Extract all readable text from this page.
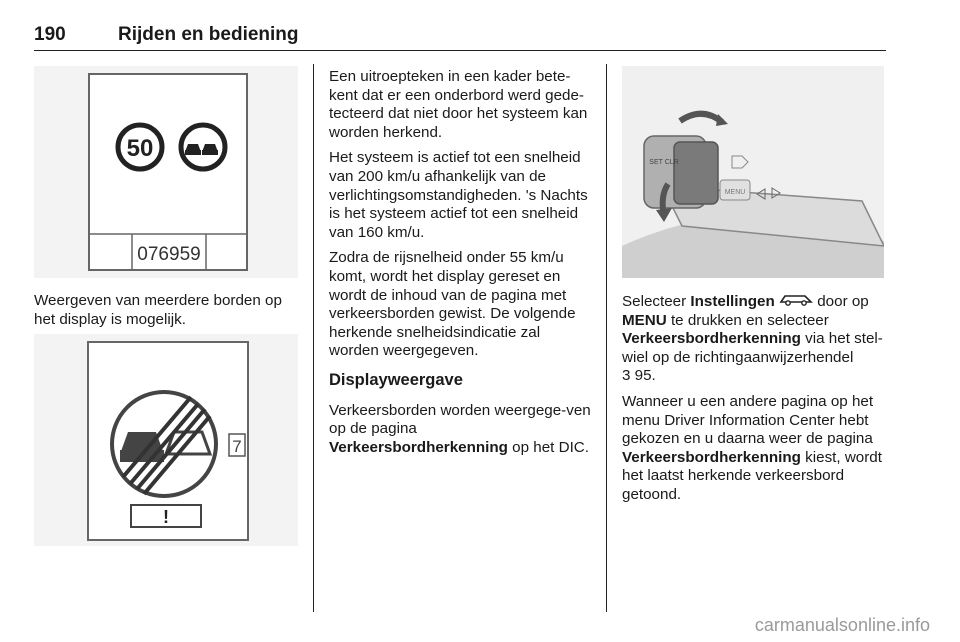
190	Rijden en bediening
50
076959
Weergeven van meerdere borden op het display is mogelijk.
7
!

Een uitroepteken in een kader bete-kent dat er een onderbord werd gede-tecteerd dat niet door het systeem kan worden herkend.

Het systeem is actief tot een snelheid van 200 km/u afhankelijk van de verlichtingsomstandigheden. 's Nachts is het systeem actief tot een snelheid van 160 km/u.

Zodra de rijsnelheid onder 55 km/u komt, wordt het display gereset en wordt de inhoud van de pagina met verkeersborden gewist. De volgende herkende snelheidsindicatie zal worden weergegeven.

Displayweergave

Verkeersborden worden weergege-ven op de pagina
Verkeersbordherkenning op het DIC.

SET CLR
MENU

Selecteer Instellingen	door op
MENU te drukken en selecteer
Verkeersbordherkenning via het stel-wiel op de richtingaanwijzerhendel
3 95.

Wanneer u een andere pagina op het menu Driver Information Center hebt gekozen en u daarna weer de pagina Verkeersbordherkenning kiest, wordt het laatst herkende verkeersbord getoond.

carmanualsonline.info
